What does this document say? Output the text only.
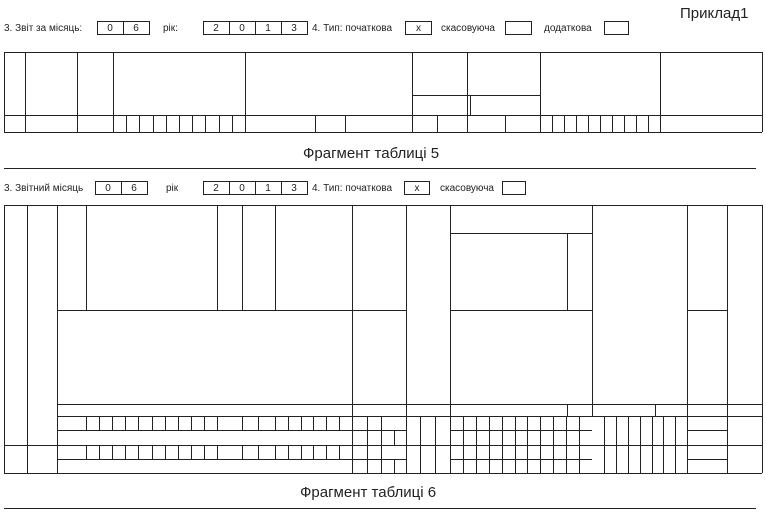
Приклад1
3. Звіт за місяць:	рік:	4. Тип: початкова x скасовуюча	додаткова
Фрагмент таблиці 5
3. Звітний місяць	рік	4. Тип: початкова x скасовуюча
Фрагмент таблиці 6
0	6	2	0	1	3
0	6	2	0	1	3
